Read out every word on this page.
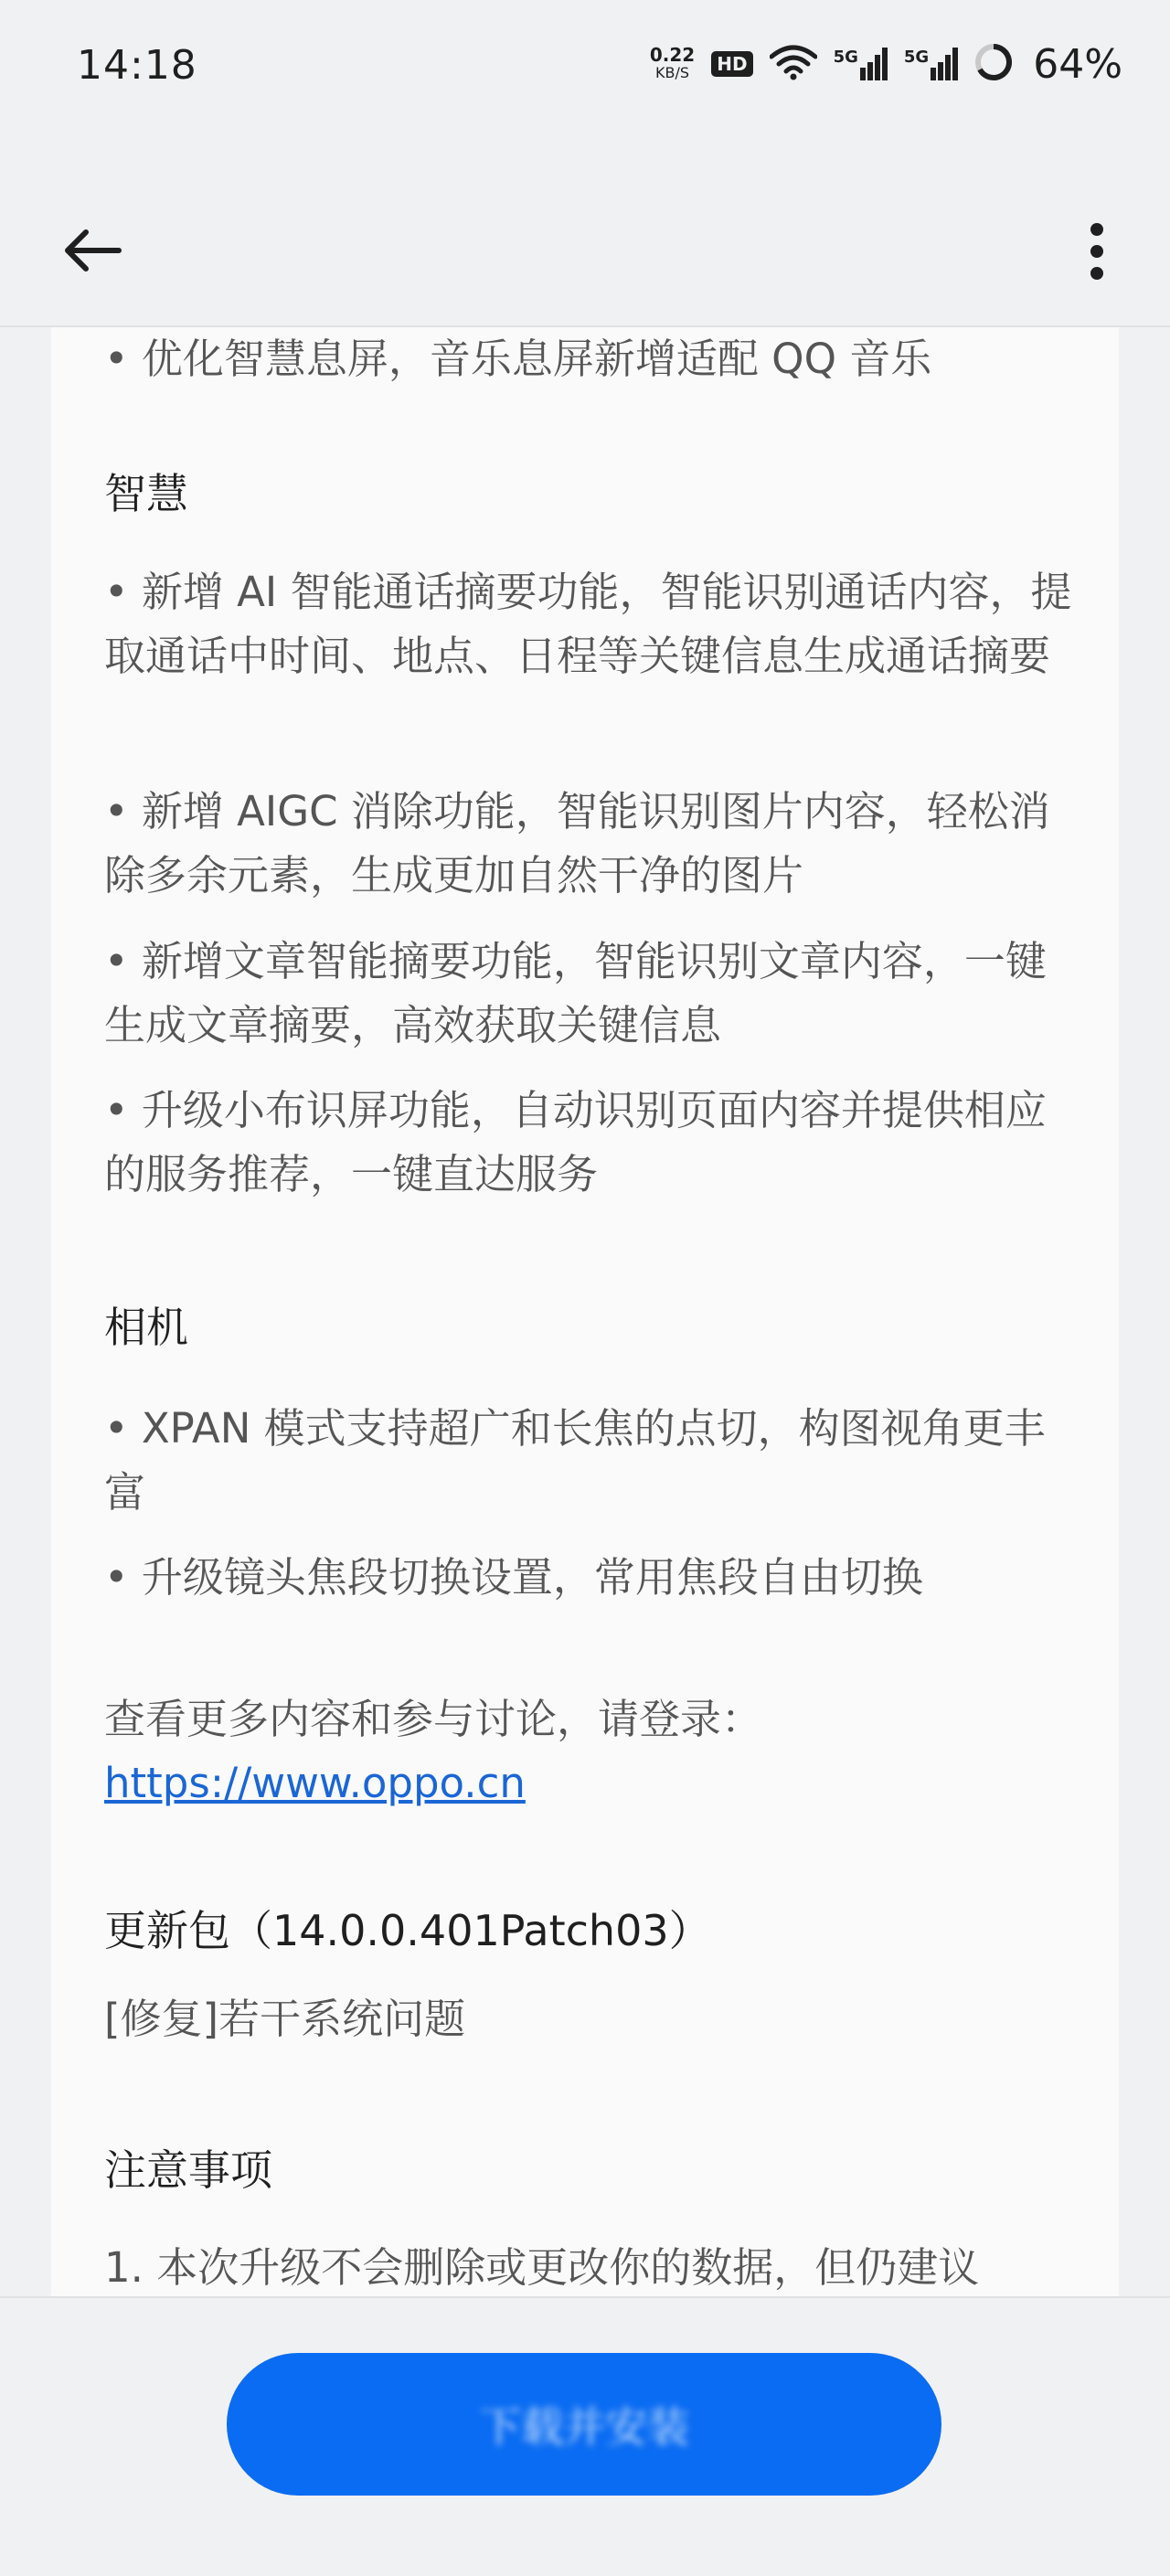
14:18	0.22
KB/S	HD	5G	5G	64%

• 优化智慧息屏，音乐息屏新增适配 QQ 音乐

智慧

• 新增 AI 智能通话摘要功能，智能识别通话内容，提取通话中时间、地点、日程等关键信息生成通话摘要

• 新增 AIGC 消除功能，智能识别图片内容，轻松消除多余元素，生成更加自然干净的图片

• 新增文章智能摘要功能，智能识别文章内容，一键生成文章摘要，高效获取关键信息

• 升级小布识屏功能，自动识别页面内容并提供相应的服务推荐，一键直达服务

相机

• XPAN 模式支持超广和长焦的点切，构图视角更丰富

• 升级镜头焦段切换设置，常用焦段自由切换

查看更多内容和参与讨论，请登录：

https://www.oppo.cn

更新包（14.0.0.401Patch03）

[修复]若干系统问题

注意事项

1. 本次升级不会删除或更改你的数据，但仍建议

下载并安装
